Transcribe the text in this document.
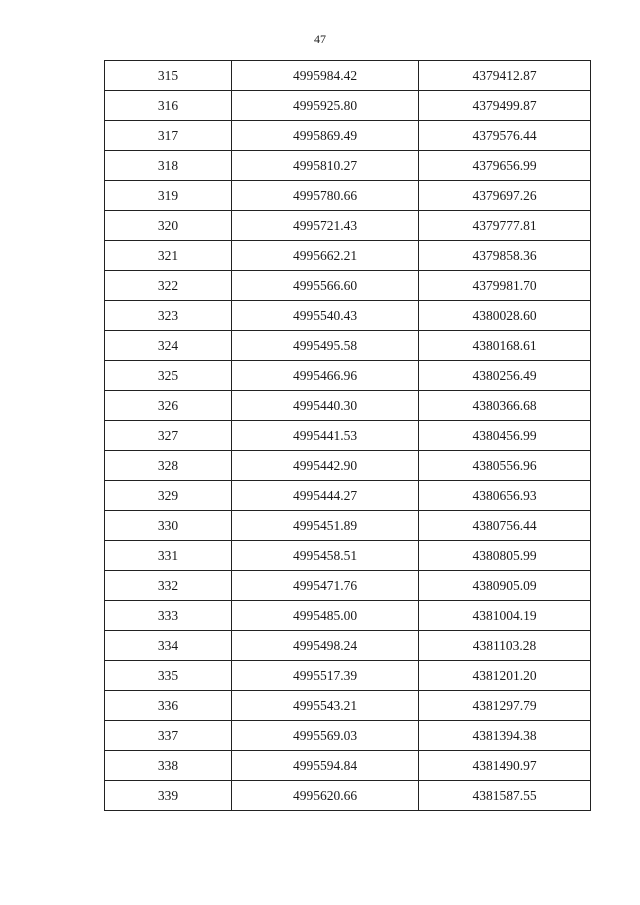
47
315	4995984.42	4379412.87
316	4995925.80	4379499.87
317	4995869.49	4379576.44
318	4995810.27	4379656.99
319	4995780.66	4379697.26
320	4995721.43	4379777.81
321	4995662.21	4379858.36
322	4995566.60	4379981.70
323	4995540.43	4380028.60
324	4995495.58	4380168.61
325	4995466.96	4380256.49
326	4995440.30	4380366.68
327	4995441.53	4380456.99
328	4995442.90	4380556.96
329	4995444.27	4380656.93
330	4995451.89	4380756.44
331	4995458.51	4380805.99
332	4995471.76	4380905.09
333	4995485.00	4381004.19
334	4995498.24	4381103.28
335	4995517.39	4381201.20
336	4995543.21	4381297.79
337	4995569.03	4381394.38
338	4995594.84	4381490.97
339	4995620.66	4381587.55
